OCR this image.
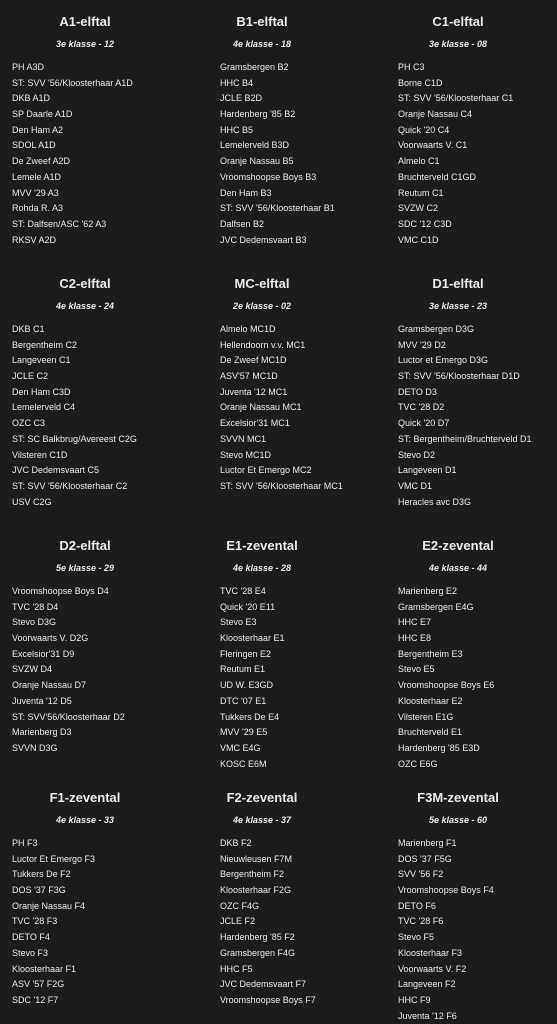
A1-elftal
3e klasse - 12
PH A3D
ST: SVV '56/Kloosterhaar A1D
DKB A1D
SP Daarle A1D
Den Ham A2
SDOL A1D
De Zweef A2D
Lemele A1D
MVV '29 A3
Rohda R. A3
ST: Dalfsen/ASC '62 A3
RKSV A2D
B1-elftal
4e klasse - 18
Gramsbergen B2
HHC B4
JCLE B2D
Hardenberg '85 B2
HHC B5
Lemelerveld B3D
Oranje Nassau B5
Vroomshoopse Boys B3
Den Ham B3
ST: SVV '56/Kloosterhaar B1
Dalfsen B2
JVC Dedemsvaart B3
C1-elftal
3e klasse - 08
PH C3
Borne C1D
ST: SVV '56/Kloosterhaar C1
Oranje Nassau C4
Quick '20 C4
Voorwaarts V. C1
Almelo C1
Bruchterveld C1GD
Reutum C1
SVZW C2
SDC '12 C3D
VMC C1D
C2-elftal
4e klasse - 24
DKB C1
Bergentheim C2
Langeveen C1
JCLE C2
Den Ham C3D
Lemelerveld C4
OZC C3
ST: SC Balkbrug/Avereest C2G
Vilsteren C1D
JVC Dedemsvaart C5
ST: SVV '56/Kloosterhaar C2
USV C2G
MC-elftal
2e klasse - 02
Almelo MC1D
Hellendoorn v.v. MC1
De Zweef MC1D
ASV'57 MC1D
Juventa '12 MC1
Oranje Nassau MC1
Excelsior'31 MC1
SVVN MC1
Stevo MC1D
Luctor Et Emergo MC2
ST: SVV '56/Kloosterhaar MC1
D1-elftal
3e klasse - 23
Gramsbergen D3G
MVV '29 D2
Luctor et Emergo D3G
ST: SVV '56/Kloosterhaar D1D
DETO D3
TVC '28 D2
Quick '20 D7
ST: Bergentheim/Bruchterveld D1
Stevo D2
Langeveen D1
VMC D1
Heracles avc D3G
D2-elftal
5e klasse - 29
Vroomshoopse Boys D4
TVC '28 D4
Stevo D3G
Voorwaarts V. D2G
Excelsior'31 D9
SVZW D4
Oranje Nassau D7
Juventa '12 D5
ST: SVV'56/Kloosterhaar D2
Marienberg D3
SVVN D3G
E1-zevental
4e klasse - 28
TVC '28 E4
Quick '20 E11
Stevo E3
Kloosterhaar E1
Fleringen E2
Reutum E1
UD W. E3GD
DTC '07 E1
Tukkers De E4
MVV '29 E5
VMC E4G
KOSC E6M
E2-zevental
4e klasse - 44
Marienberg E2
Gramsbergen E4G
HHC E7
HHC E8
Bergentheim E3
Stevo E5
Vroomshoopse Boys E6
Kloosterhaar E2
Vilsteren E1G
Bruchterveld E1
Hardenberg '85 E3D
OZC E6G
F1-zevental
4e klasse - 33
PH F3
Luctor Et Emergo F3
Tukkers De F2
DOS '37 F3G
Oranje Nassau F4
TVC '28 F3
DETO F4
Stevo F3
Kloosterhaar F1
ASV '57 F2G
SDC '12 F7
F2-zevental
4e klasse - 37
DKB F2
Nieuwleusen F7M
Bergentheim F2
Kloosterhaar F2G
OZC F4G
JCLE F2
Hardenberg '85 F2
Gramsbergen F4G
HHC F5
JVC Dedemsvaart F7
Vroomshoopse Boys F7
F3M-zevental
5e klasse - 60
Marienberg F1
DOS '37 F5G
SVV '56 F2
Vroomshoopse Boys F4
DETO F6
TVC '28 F6
Stevo F5
Kloosterhaar F3
Voorwaarts V. F2
Langeveen F2
HHC F9
Juventa '12 F6
